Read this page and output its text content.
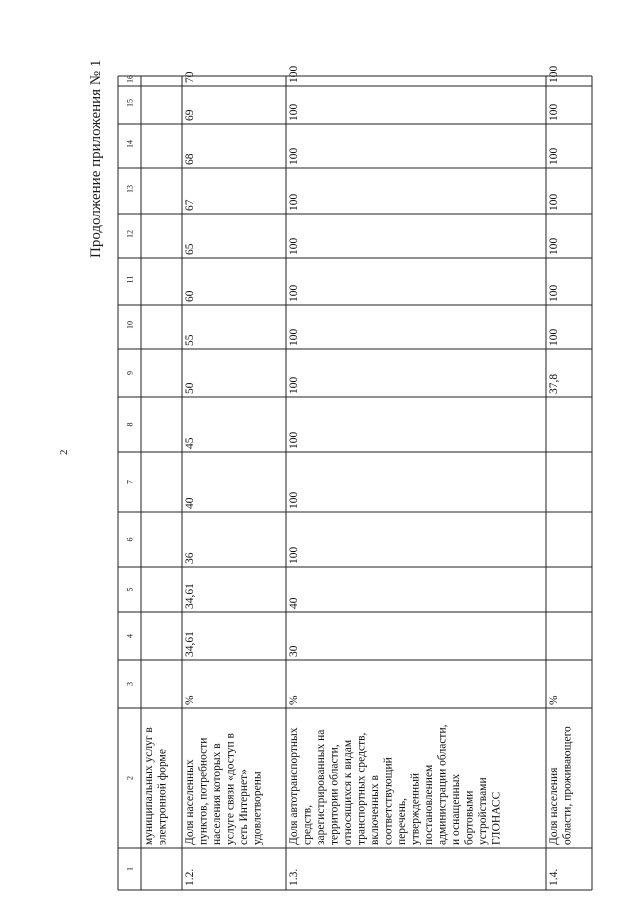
1
2
3
4
5
6
7
8
9
10
11
12
13
14
15
16
муниципальных услуг в электронной форме
1.2.
Доля населенных пунктов, потребности населения которых в услуге связи «доступ в сеть Интернет» удовлетворены
%
34,61
34,61
36
40
45
50
55
60
65
67
68
69
70
1.3.
Доля автотранспортных средств, зарегистрированных на территории области, относящихся к видам транспортных средств, включенных в соответствующий перечень, утвержденный постановлением администрации области, и оснащенных бортовыми устройствами ГЛОНАСС
%
30
40
100
100
100
100
100
100
100
100
100
100
100
1.4.
Доля населения области, проживающего
%
37,8
100
100
100
100
100
100
100
2
Продолжение приложения № 1
